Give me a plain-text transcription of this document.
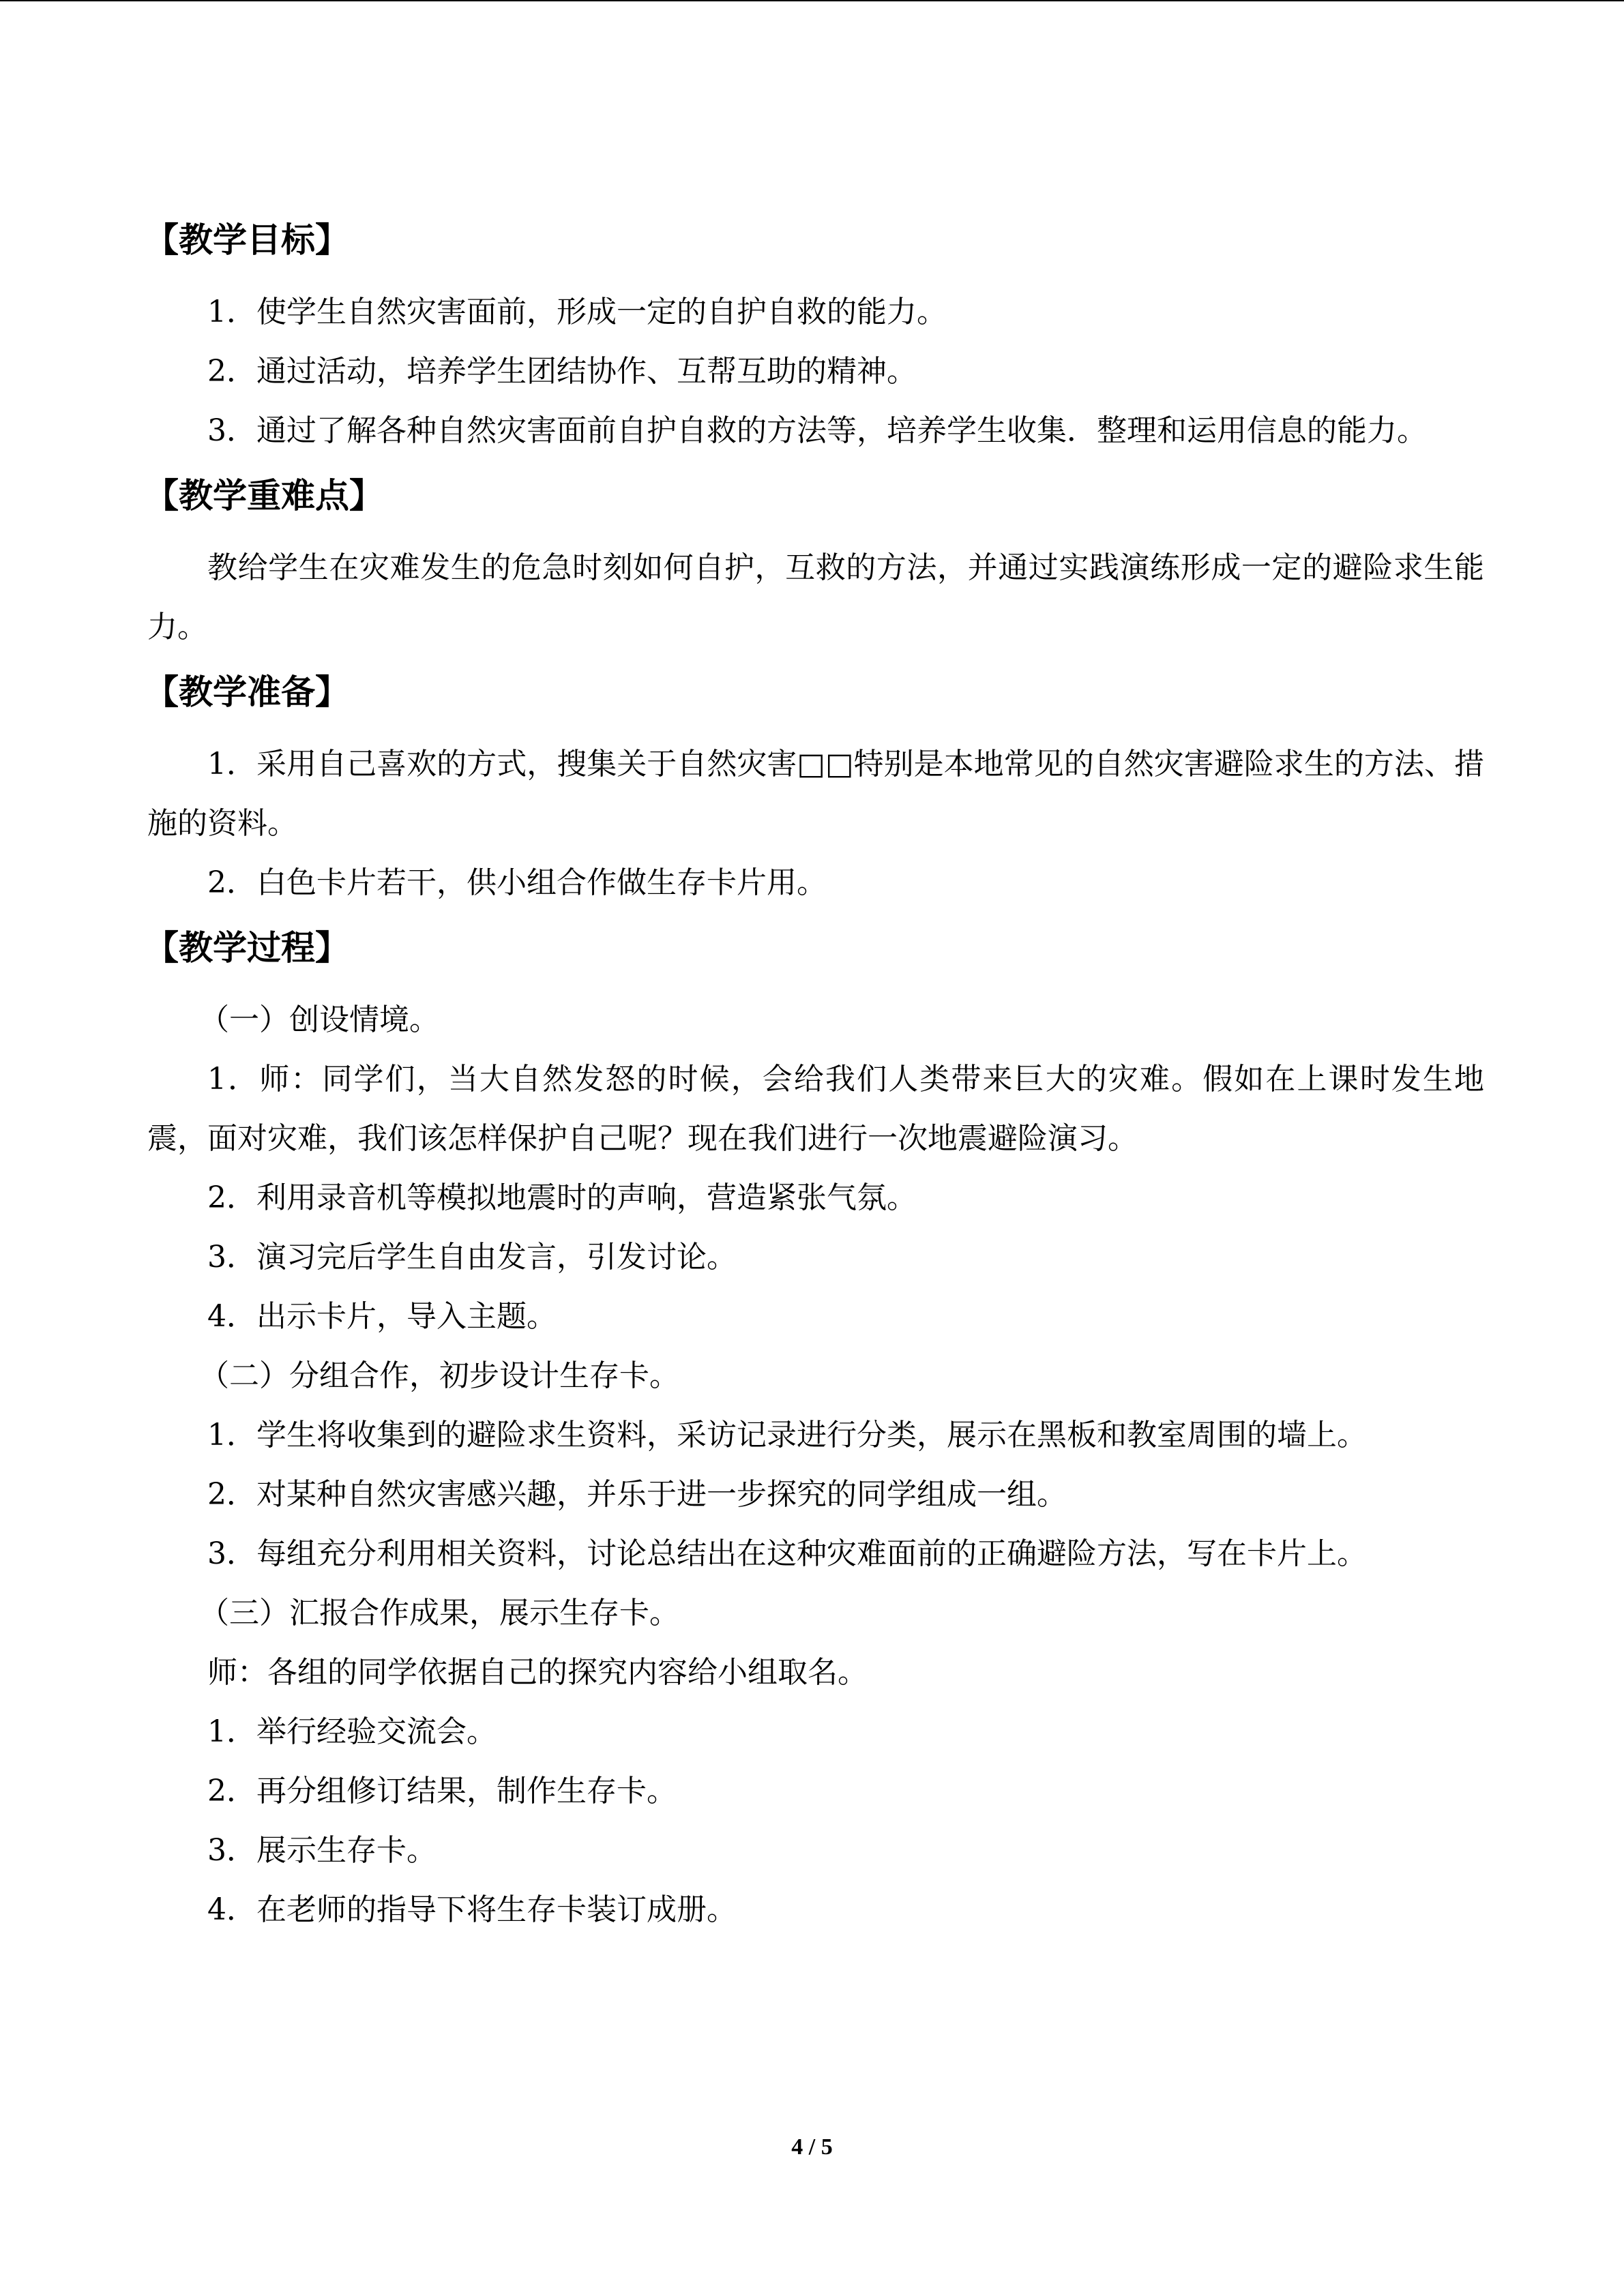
【教学目标】

1．使学生自然灾害面前，形成一定的自护自救的能力。

2．通过活动，培养学生团结协作、互帮互助的精神。

3．通过了解各种自然灾害面前自护自救的方法等，培养学生收集．整理和运用信息的能力。

【教学重难点】

教给学生在灾难发生的危急时刻如何自护，互救的方法，并通过实践演练形成一定的避险求生能力。

【教学准备】

1．采用自己喜欢的方式，搜集关于自然灾害□□特别是本地常见的自然灾害避险求生的方法、措施的资料。

2．白色卡片若干，供小组合作做生存卡片用。

【教学过程】

（一）创设情境。

1．师：同学们，当大自然发怒的时候，会给我们人类带来巨大的灾难。假如在上课时发生地震，面对灾难，我们该怎样保护自己呢？现在我们进行一次地震避险演习。

2．利用录音机等模拟地震时的声响，营造紧张气氛。

3．演习完后学生自由发言，引发讨论。

4．出示卡片，导入主题。

（二）分组合作，初步设计生存卡。

1．学生将收集到的避险求生资料，采访记录进行分类，展示在黑板和教室周围的墙上。

2．对某种自然灾害感兴趣，并乐于进一步探究的同学组成一组。

3．每组充分利用相关资料，讨论总结出在这种灾难面前的正确避险方法，写在卡片上。

（三）汇报合作成果，展示生存卡。

师：各组的同学依据自己的探究内容给小组取名。

1．举行经验交流会。

2．再分组修订结果，制作生存卡。

3．展示生存卡。

4．在老师的指导下将生存卡装订成册。

4 / 5
